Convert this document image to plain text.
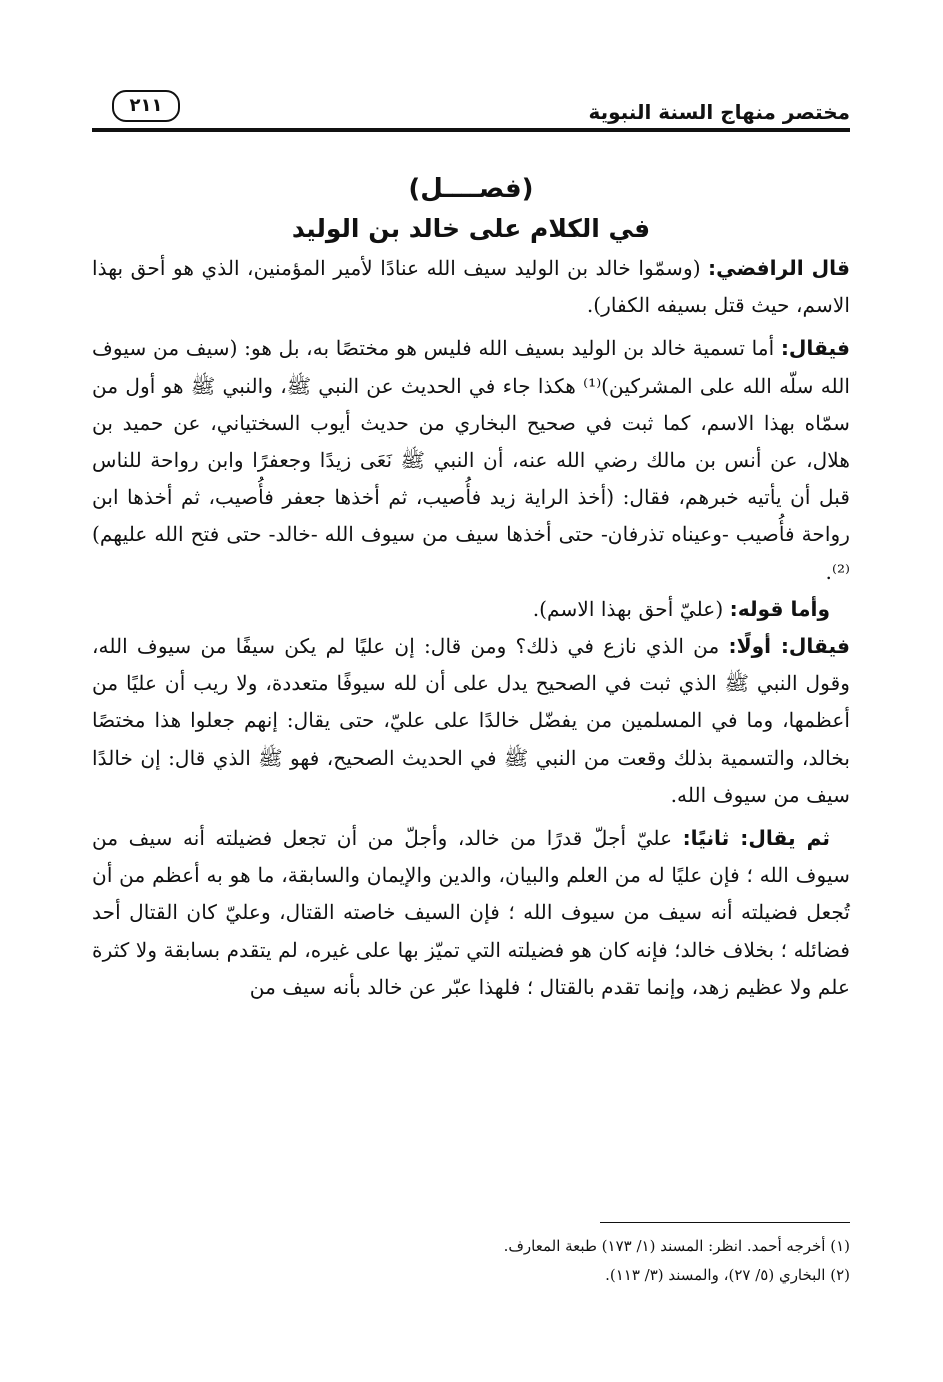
مختصر منهاج السنة النبوية
٢١١
(فصــــل)
في الكلام على خالد بن الوليد

قال الرافضي: (وسمّوا خالد بن الوليد سيف الله عنادًا لأمير المؤمنين، الذي هو أحق بهذا الاسم، حيث قتل بسيفه الكفار).

فيقال: أما تسمية خالد بن الوليد بسيف الله فليس هو مختصًا به، بل هو: (سيف من سيوف الله سلّه الله على المشركين)⁽¹⁾ هكذا جاء في الحديث عن النبي ﷺ، والنبي ﷺ هو أول من سمّاه بهذا الاسم، كما ثبت في صحيح البخاري من حديث أيوب السختياني، عن حميد بن هلال، عن أنس بن مالك رضي الله عنه، أن النبي ﷺ نَعَى زيدًا وجعفرًا وابن رواحة للناس قبل أن يأتيه خبرهم، فقال: (أخذ الراية زيد فأُصيب، ثم أخذها جعفر فأُصيب، ثم أخذها ابن رواحة فأُصيب -وعيناه تذرفان- حتى أخذها سيف من سيوف الله -خالد- حتى فتح الله عليهم)⁽²⁾.

وأما قوله: (عليّ أحق بهذا الاسم).

فيقال: أولًا: من الذي نازع في ذلك؟ ومن قال: إن عليًا لم يكن سيفًا من سيوف الله، وقول النبي ﷺ الذي ثبت في الصحيح يدل على أن لله سيوفًا متعددة، ولا ريب أن عليًا من أعظمها، وما في المسلمين من يفضّل خالدًا على عليّ، حتى يقال: إنهم جعلوا هذا مختصًا بخالد، والتسمية بذلك وقعت من النبي ﷺ في الحديث الصحيح، فهو ﷺ الذي قال: إن خالدًا سيف من سيوف الله.

ثم يقال: ثانيًا: عليّ أجلّ قدرًا من خالد، وأجلّ من أن تجعل فضيلته أنه سيف من سيوف الله ؛ فإن عليًا له من العلم والبيان، والدين والإيمان والسابقة، ما هو به أعظم من أن تُجعل فضيلته أنه سيف من سيوف الله ؛ فإن السيف خاصته القتال، وعليّ كان القتال أحد فضائله ؛ بخلاف خالد؛ فإنه كان هو فضيلته التي تميّز بها على غيره، لم يتقدم بسابقة ولا كثرة علم ولا عظيم زهد، وإنما تقدم بالقتال ؛ فلهذا عبّر عن خالد بأنه سيف من

(١) أخرجه أحمد. انظر: المسند (١/ ١٧٣) طبعة المعارف.

(٢) البخاري (٥/ ٢٧)، والمسند (٣/ ١١٣).
